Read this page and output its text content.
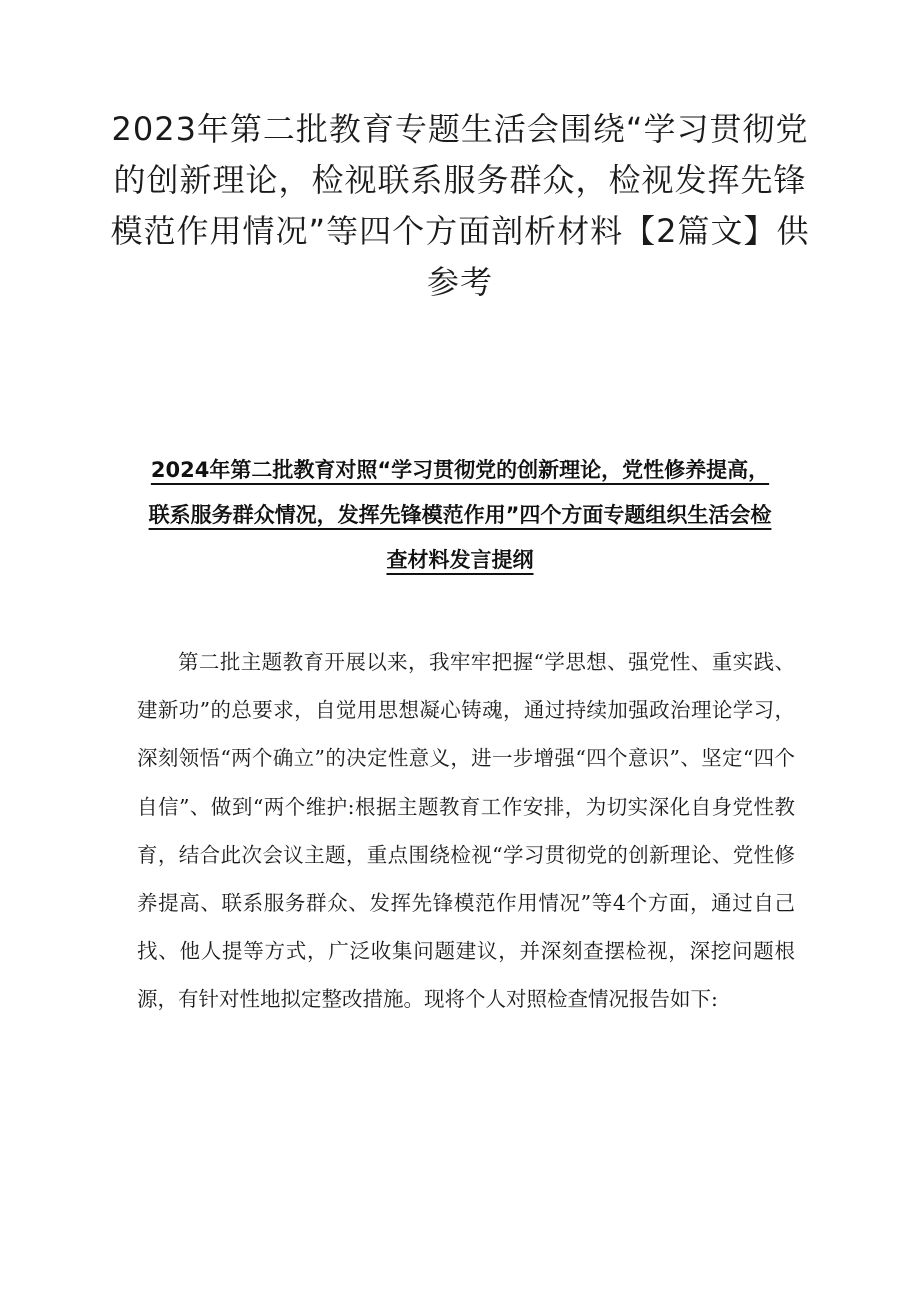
2023年第二批教育专题生活会围绕“学习贯彻党的创新理论，检视联系服务群众，检视发挥先锋模范作用情况”等四个方面剖析材料【2篇文】供参考
2024年第二批教育对照“学习贯彻党的创新理论，党性修养提高，联系服务群众情况，发挥先锋模范作用”四个方面专题组织生活会检查材料发言提纲

第二批主题教育开展以来，我牢牢把握“学思想、强党性、重实践、建新功”的总要求，自觉用思想凝心铸魂，通过持续加强政治理论学习，深刻领悟“两个确立”的决定性意义，进一步增强“四个意识”、坚定“四个自信”、做到“两个维护:根据主题教育工作安排，为切实深化自身党性教育，结合此次会议主题，重点围绕检视“学习贯彻党的创新理论、党性修养提高、联系服务群众、发挥先锋模范作用情况”等4个方面，通过自己找、他人提等方式，广泛收集问题建议，并深刻查摆检视，深挖问题根源，有针对性地拟定整改措施。现将个人对照检查情况报告如下:
